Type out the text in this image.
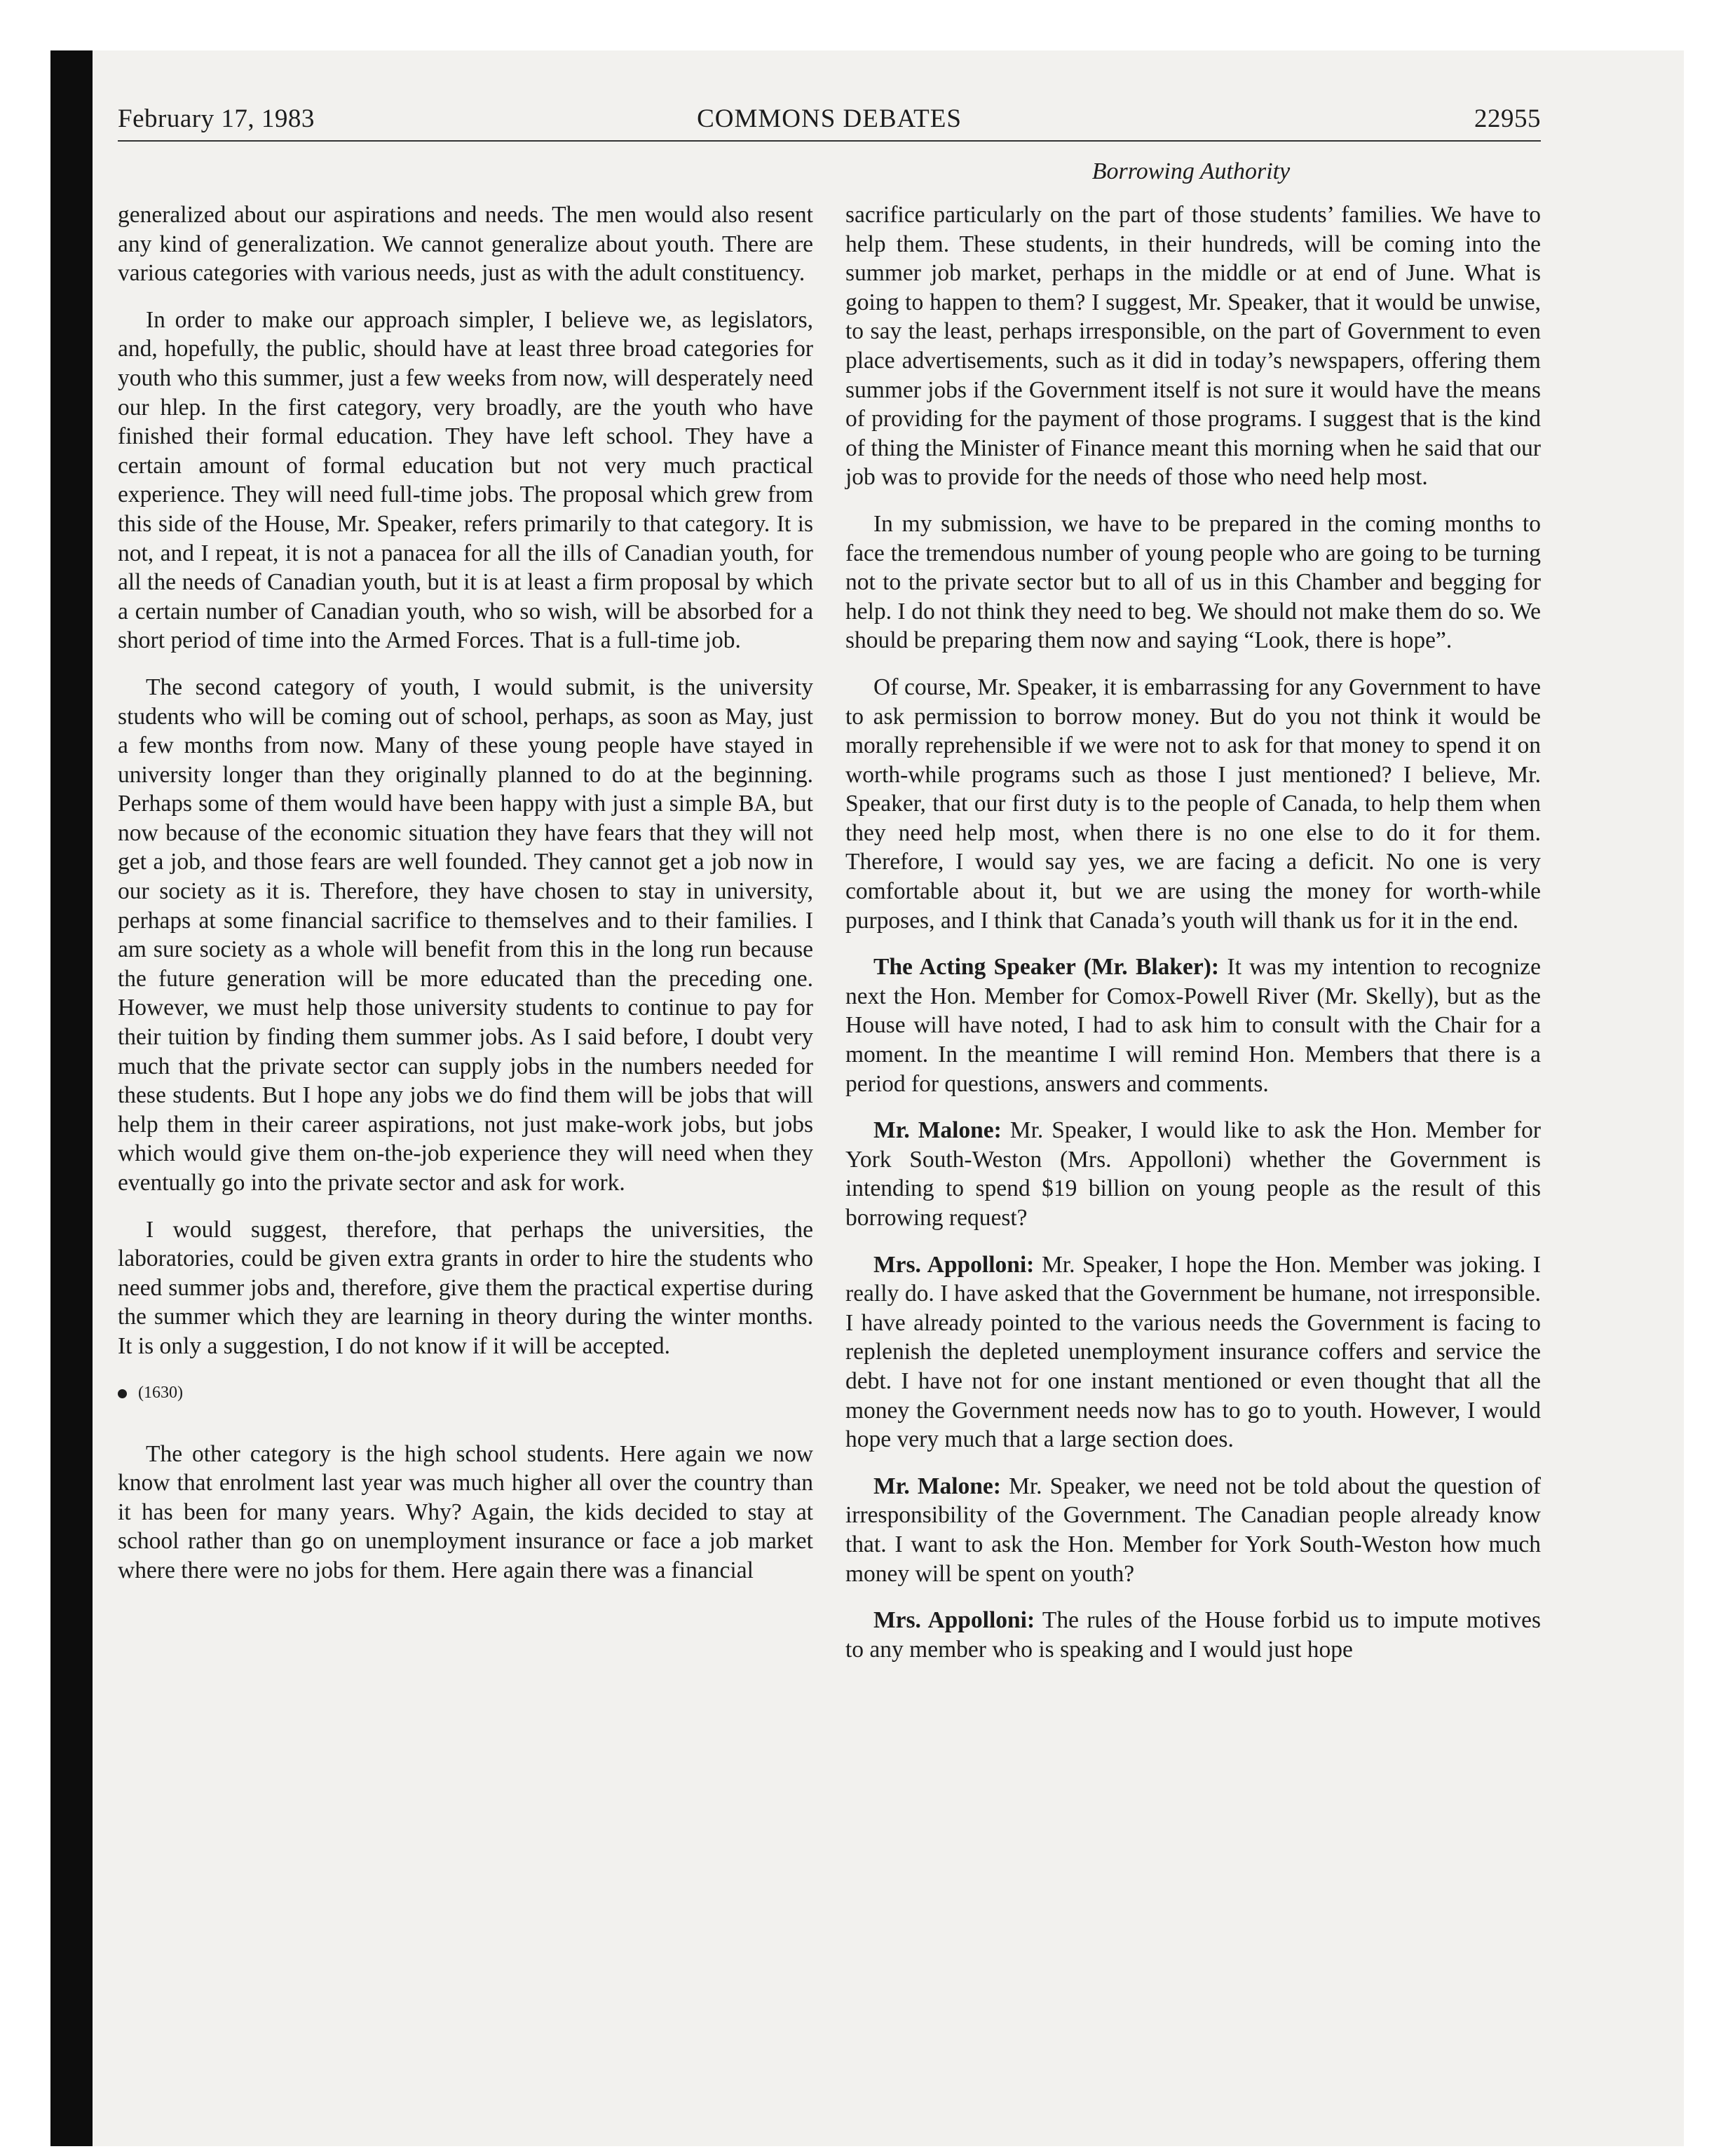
February 17, 1983	COMMONS DEBATES	22955
Borrowing Authority

generalized about our aspirations and needs. The men would also resent any kind of generalization. We cannot generalize about youth. There are various categories with various needs, just as with the adult constituency.

In order to make our approach simpler, I believe we, as legislators, and, hopefully, the public, should have at least three broad categories for youth who this summer, just a few weeks from now, will desperately need our hlep. In the first category, very broadly, are the youth who have finished their formal education. They have left school. They have a certain amount of formal education but not very much practical experience. They will need full-time jobs. The proposal which grew from this side of the House, Mr. Speaker, refers primarily to that category. It is not, and I repeat, it is not a panacea for all the ills of Canadian youth, for all the needs of Canadian youth, but it is at least a firm proposal by which a certain number of Canadian youth, who so wish, will be absorbed for a short period of time into the Armed Forces. That is a full-time job.

The second category of youth, I would submit, is the university students who will be coming out of school, perhaps, as soon as May, just a few months from now. Many of these young people have stayed in university longer than they originally planned to do at the beginning. Perhaps some of them would have been happy with just a simple BA, but now because of the economic situation they have fears that they will not get a job, and those fears are well founded. They cannot get a job now in our society as it is. Therefore, they have chosen to stay in university, perhaps at some financial sacrifice to themselves and to their families. I am sure society as a whole will benefit from this in the long run because the future generation will be more educated than the preceding one. However, we must help those university students to continue to pay for their tuition by finding them summer jobs. As I said before, I doubt very much that the private sector can supply jobs in the numbers needed for these students. But I hope any jobs we do find them will be jobs that will help them in their career aspirations, not just make-work jobs, but jobs which would give them on-the-job experience they will need when they eventually go into the private sector and ask for work.

I would suggest, therefore, that perhaps the universities, the laboratories, could be given extra grants in order to hire the students who need summer jobs and, therefore, give them the practical expertise during the summer which they are learning in theory during the winter months. It is only a suggestion, I do not know if it will be accepted.

(1630)

The other category is the high school students. Here again we now know that enrolment last year was much higher all over the country than it has been for many years. Why? Again, the kids decided to stay at school rather than go on unemployment insurance or face a job market where there were no jobs for them. Here again there was a financial

sacrifice particularly on the part of those students’ families. We have to help them. These students, in their hundreds, will be coming into the summer job market, perhaps in the middle or at end of June. What is going to happen to them? I suggest, Mr. Speaker, that it would be unwise, to say the least, perhaps irresponsible, on the part of Government to even place advertisements, such as it did in today’s newspapers, offering them summer jobs if the Government itself is not sure it would have the means of providing for the payment of those programs. I suggest that is the kind of thing the Minister of Finance meant this morning when he said that our job was to provide for the needs of those who need help most.

In my submission, we have to be prepared in the coming months to face the tremendous number of young people who are going to be turning not to the private sector but to all of us in this Chamber and begging for help. I do not think they need to beg. We should not make them do so. We should be preparing them now and saying “Look, there is hope”.

Of course, Mr. Speaker, it is embarrassing for any Government to have to ask permission to borrow money. But do you not think it would be morally reprehensible if we were not to ask for that money to spend it on worth-while programs such as those I just mentioned? I believe, Mr. Speaker, that our first duty is to the people of Canada, to help them when they need help most, when there is no one else to do it for them. Therefore, I would say yes, we are facing a deficit. No one is very comfortable about it, but we are using the money for worth-while purposes, and I think that Canada’s youth will thank us for it in the end.

The Acting Speaker (Mr. Blaker): It was my intention to recognize next the Hon. Member for Comox-Powell River (Mr. Skelly), but as the House will have noted, I had to ask him to consult with the Chair for a moment. In the meantime I will remind Hon. Members that there is a period for questions, answers and comments.

Mr. Malone: Mr. Speaker, I would like to ask the Hon. Member for York South-Weston (Mrs. Appolloni) whether the Government is intending to spend $19 billion on young people as the result of this borrowing request?

Mrs. Appolloni: Mr. Speaker, I hope the Hon. Member was joking. I really do. I have asked that the Government be humane, not irresponsible. I have already pointed to the various needs the Government is facing to replenish the depleted unemployment insurance coffers and service the debt. I have not for one instant mentioned or even thought that all the money the Government needs now has to go to youth. However, I would hope very much that a large section does.

Mr. Malone: Mr. Speaker, we need not be told about the question of irresponsibility of the Government. The Canadian people already know that. I want to ask the Hon. Member for York South-Weston how much money will be spent on youth?

Mrs. Appolloni: The rules of the House forbid us to impute motives to any member who is speaking and I would just hope
